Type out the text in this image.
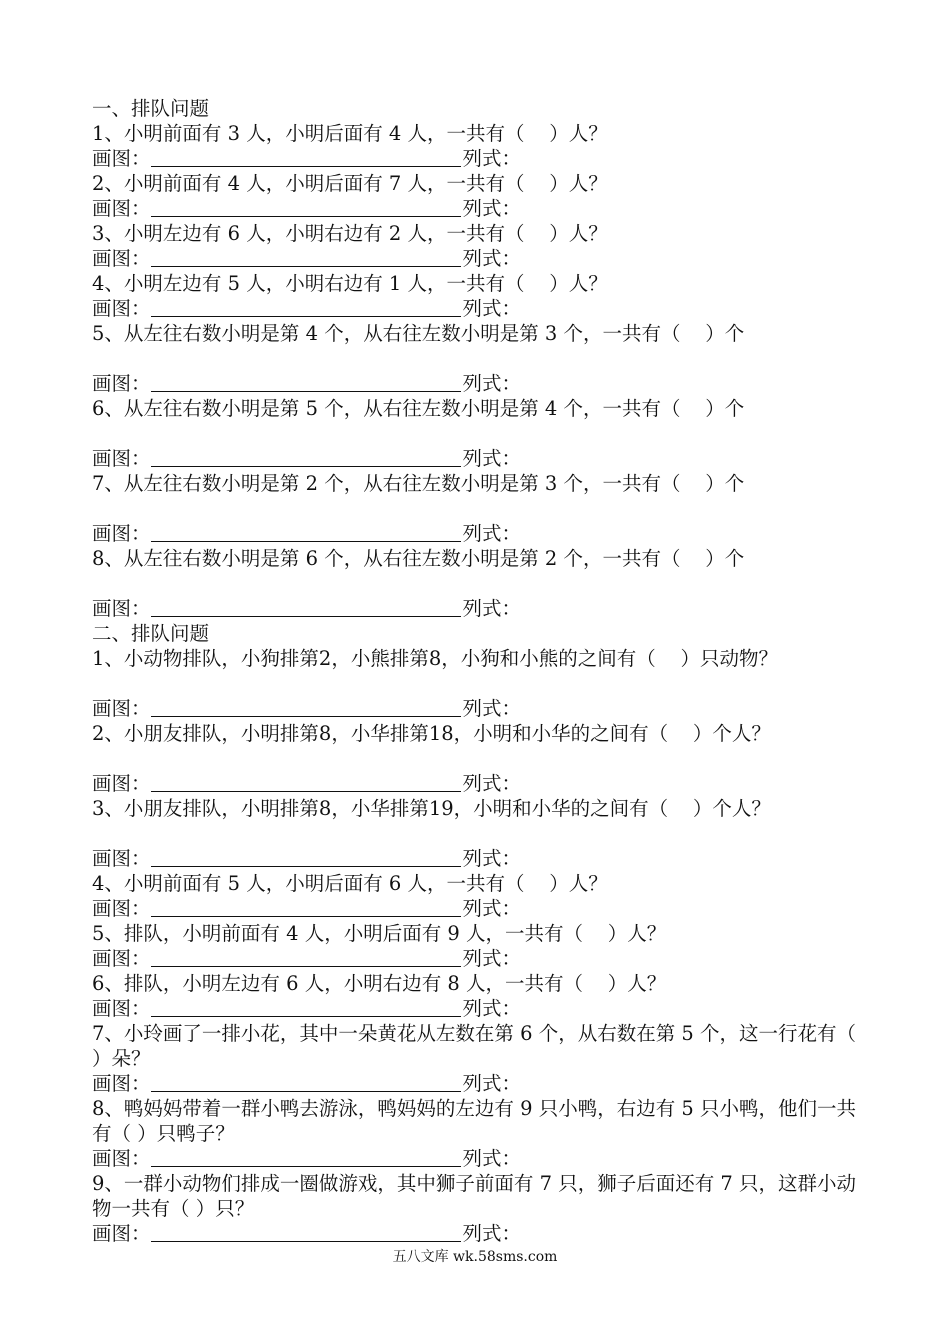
一、排队问题
1、小明前面有 3 人，小明后面有 4 人，一共有（    ）人？
画图：	列式：
2、小明前面有 4 人，小明后面有 7 人，一共有（    ）人？
画图：	列式：
3、小明左边有 6 人，小明右边有 2 人，一共有（    ）人？
画图：	列式：
4、小明左边有 5 人，小明右边有 1 人，一共有（    ）人？
画图：	列式：
5、从左往右数小明是第 4 个，从右往左数小明是第 3 个，一共有（    ）个
画图：	列式：
6、从左往右数小明是第 5 个，从右往左数小明是第 4 个，一共有（    ）个
画图：	列式：
7、从左往右数小明是第 2 个，从右往左数小明是第 3 个，一共有（    ）个
画图：	列式：
8、从左往右数小明是第 6 个，从右往左数小明是第 2 个，一共有（    ）个
画图：	列式：
二、排队问题
1、小动物排队，小狗排第2，小熊排第8，小狗和小熊的之间有（    ）只动物？
画图：	列式：
2、小朋友排队，小明排第8，小华排第18，小明和小华的之间有（    ）个人？
画图：	列式：
3、小朋友排队，小明排第8，小华排第19，小明和小华的之间有（    ）个人？
画图：	列式：
4、小明前面有 5 人，小明后面有 6 人，一共有（    ）人？
画图：	列式：
5、排队，小明前面有 4 人，小明后面有 9 人，一共有（    ）人？
画图：	列式：
6、排队，小明左边有 6 人，小明右边有 8 人，一共有（    ）人？
画图：	列式：
7、小玲画了一排小花，其中一朵黄花从左数在第 6 个，从右数在第 5 个，这一行花有（ ）朵？
画图：	列式：
8、鸭妈妈带着一群小鸭去游泳，鸭妈妈的左边有 9 只小鸭，右边有 5 只小鸭，他们一共有（ ）只鸭子？
画图：	列式：
9、一群小动物们排成一圈做游戏，其中狮子前面有 7 只，狮子后面还有 7 只，这群小动物一共有（ ）只？
画图：	列式：
五八文库 wk.58sms.com
